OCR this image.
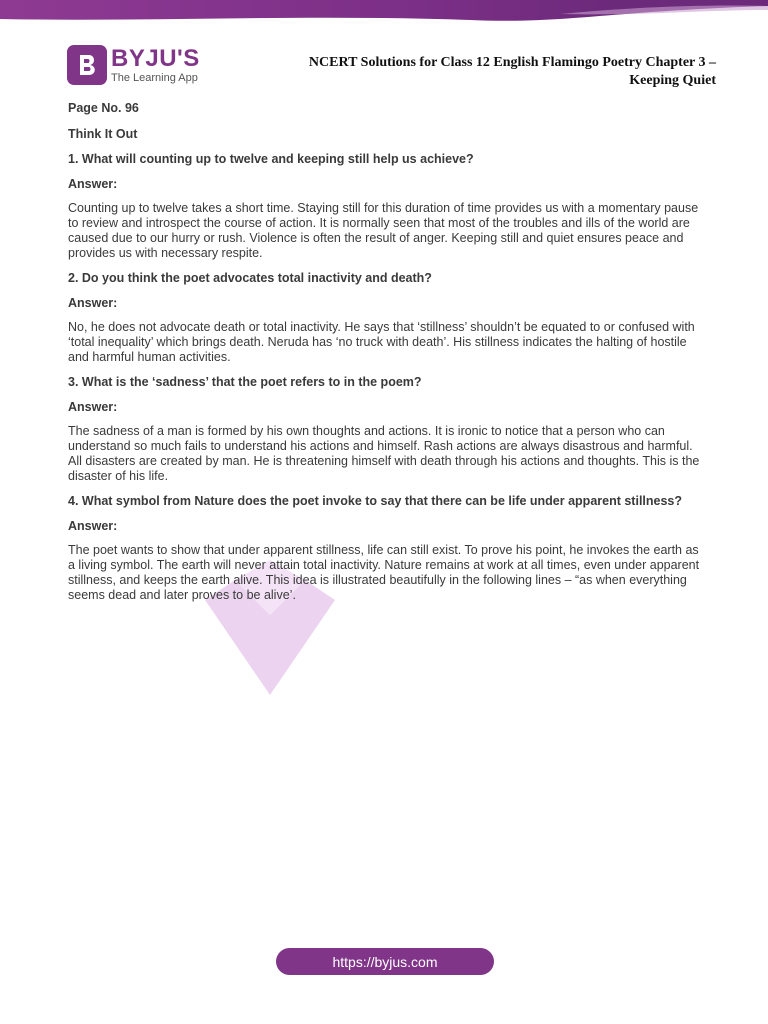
BYJU'S
The Learning App
NCERT Solutions for Class 12 English Flamingo Poetry Chapter 3 – Keeping Quiet

Page No. 96

Think It Out

1. What will counting up to twelve and keeping still help us achieve?

Answer:

Counting up to twelve takes a short time. Staying still for this duration of time provides us with a momentary pause to review and introspect the course of action. It is normally seen that most of the troubles and ills of the world are caused due to our hurry or rush. Violence is often the result of anger. Keeping still and quiet ensures peace and provides us with necessary respite.

2. Do you think the poet advocates total inactivity and death?

Answer:

No, he does not advocate death or total inactivity. He says that ‘stillness’ shouldn’t be equated to or confused with ‘total inequality’ which brings death. Neruda has ‘no truck with death’. His stillness indicates the halting of hostile and harmful human activities.

3. What is the ‘sadness’ that the poet refers to in the poem?

Answer:

The sadness of a man is formed by his own thoughts and actions. It is ironic to notice that a person who can understand so much fails to understand his actions and himself. Rash actions are always disastrous and harmful. All disasters are created by man. He is threatening himself with death through his actions and thoughts. This is the disaster of his life.

4. What symbol from Nature does the poet invoke to say that there can be life under apparent stillness?

Answer:

The poet wants to show that under apparent stillness, life can still exist. To prove his point, he invokes the earth as a living symbol. The earth will never attain total inactivity. Nature remains at work at all times, even under apparent stillness, and keeps the earth alive. This idea is illustrated beautifully in the following lines – “as when everything seems dead and later proves to be alive’.

https://byjus.com
